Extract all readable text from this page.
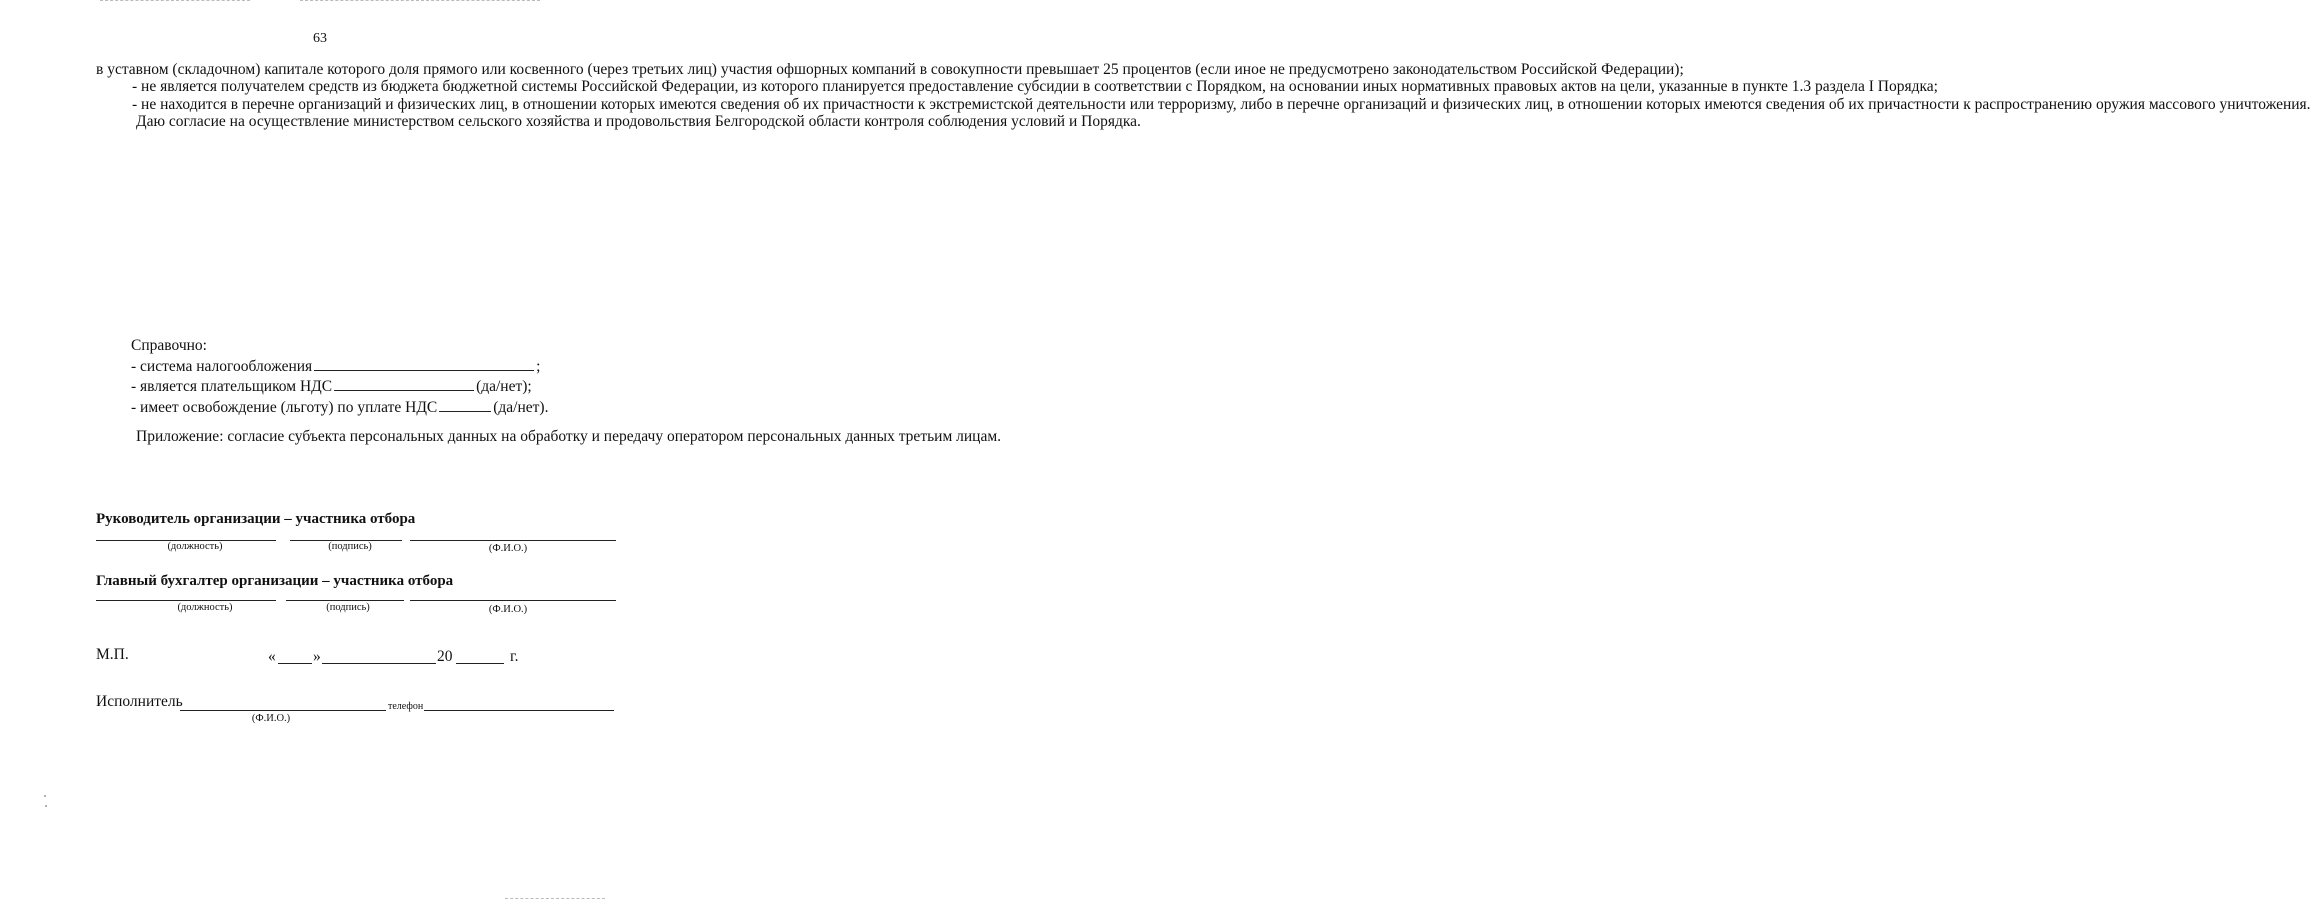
63

в уставном (складочном) капитале которого доля прямого или косвенного (через третьих лиц) участия офшорных компаний в совокупности превышает 25 процентов (если иное не предусмотрено законодательством Российской Федерации);

- не является получателем средств из бюджета бюджетной системы Российской Федерации, из которого планируется предоставление субсидии в соответствии с Порядком, на основании иных нормативных правовых актов на цели, указанные в пункте 1.3 раздела I Порядка;

- не находится в перечне организаций и физических лиц, в отношении которых имеются сведения об их причастности к экстремистской деятельности или терроризму, либо в перечне организаций и физических лиц, в отношении которых имеются сведения об их причастности к распространению оружия массового уничтожения.

Даю согласие на осуществление министерством сельского хозяйства и продовольствия Белгородской области контроля соблюдения условий и Порядка.

Справочно:
- система налогообложения	;
- является плательщиком НДС	(да/нет);
- имеет освобождение (льготу) по уплате НДС	(да/нет).

Приложение: согласие субъекта персональных данных на обработку и передачу оператором персональных данных третьим лицам.

Руководитель организации – участника отбора
(должность)	(подпись)	(Ф.И.О.)
Главный бухгалтер организации – участника отбора
(должность)	(подпись)	(Ф.И.О.)
М.П.	« »	20	г.
Исполнитель	телефон
(Ф.И.О.)
